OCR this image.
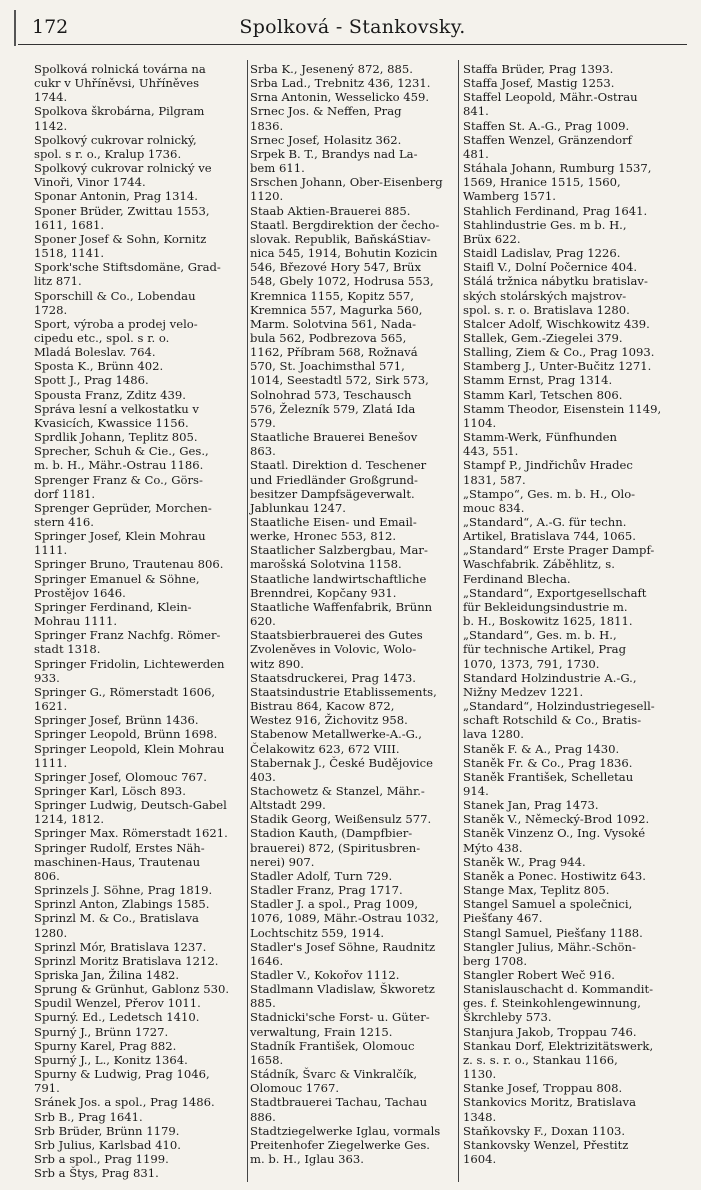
172	Spolková - Stankovsky.

Spolková rolnická továrna na

cukr v Uhříněvsi, Uhříněves

1744.

Spolkova škrobárna, Pilgram

1142.

Spolkový cukrovar rolnický,

spol. s r. o., Kralup 1736.

Spolkový cukrovar rolnický ve

Vinoři, Vinor 1744.

Sponar Antonin, Prag 1314.

Sponer Brüder, Zwittau 1553,

1611, 1681.

Sponer Josef & Sohn, Kornitz

1518, 1141.

Spork'sche Stiftsdomäne, Grad-

litz 871.

Sporschill & Co., Lobendau

1728.

Sport, výroba a prodej velo-

cipedu etc., spol. s r. o.

Mladá Boleslav. 764.

Sposta K., Brünn 402.

Spott J., Prag 1486.

Spousta Franz, Zditz 439.

Správa lesní a velkostatku v

Kvasicích, Kwassice 1156.

Sprdlik Johann, Teplitz 805.

Sprecher, Schuh & Cie., Ges.,

m. b. H., Mähr.-Ostrau 1186.

Sprenger Franz & Co., Görs-

dorf 1181.

Sprenger Geprüder, Morchen-

stern 416.

Springer Josef, Klein Mohrau

1111.

Springer Bruno, Trautenau 806.

Springer Emanuel & Söhne,

Prostějov 1646.

Springer Ferdinand, Klein-

Mohrau 1111.

Springer Franz Nachfg. Römer-

stadt 1318.

Springer Fridolin, Lichtewerden

933.

Springer G., Römerstadt 1606,

1621.

Springer Josef, Brünn 1436.

Springer Leopold, Brünn 1698.

Springer Leopold, Klein Mohrau

1111.

Springer Josef, Olomouc 767.

Springer Karl, Lösch 893.

Springer Ludwig, Deutsch-Gabel

1214, 1812.

Springer Max. Römerstadt 1621.

Springer Rudolf, Erstes Näh-

maschinen-Haus, Trautenau

806.

Sprinzels J. Söhne, Prag 1819.

Sprinzl Anton, Zlabings 1585.

Sprinzl M. & Co., Bratislava

1280.

Sprinzl Mór, Bratislava 1237.

Sprinzl Moritz Bratislava 1212.

Spriska Jan, Žilina 1482.

Sprung & Grünhut, Gablonz 530.

Spudil Wenzel, Přerov 1011.

Spurný. Ed., Ledetsch 1410.

Spurný J., Brünn 1727.

Spurny Karel, Prag 882.

Spurný J., L., Konitz 1364.

Spurny & Ludwig, Prag 1046,

791.

Sránek Jos. a spol., Prag 1486.

Srb B., Prag 1641.

Srb Brüder, Brünn 1179.

Srb Julius, Karlsbad 410.

Srb a spol., Prag 1199.

Srb a Štys, Prag 831.

Srba K., Jesenený 872, 885.

Srba Lad., Trebnitz 436, 1231.

Srna Antonin, Wesselicko 459.

Srnec Jos. & Neffen, Prag

1836.

Srnec Josef, Holasitz 362.

Srpek B. T., Brandys nad La-

bem 611.

Srschen Johann, Ober-Eisenberg

1120.

Staab Aktien-Brauerei 885.

Staatl. Bergdirektion der čecho-

slovak. Republik, BaňskáStiav-

nica 545, 1914, Bohutin Kozicin

546, Březové Hory 547, Brüx

548, Gbely 1072, Hodrusa 553,

Kremnica 1155, Kopitz 557,

Kremnica 557, Magurka 560,

Marm. Solotvina 561, Nada-

bula 562, Podbrezova 565,

1162, Příbram 568, Rožnavá

570, St. Joachimsthal 571,

1014, Seestadtl 572, Sirk 573,

Solnohrad 573, Teschausch

576, Železník 579, Zlatá Ida

579.

Staatliche Brauerei Benešov

863.

Staatl. Direktion d. Teschener

und Friedländer Großgrund-

besitzer Dampfsägeverwalt.

Jablunkau 1247.

Staatliche Eisen- und Email-

werke, Hronec 553, 812.

Staatlicher Salzbergbau, Mar-

marošská Solotvina 1158.

Staatliche landwirtschaftliche

Brenndrei, Kopčany 931.

Staatliche Waffenfabrik, Brünn

620.

Staatsbierbrauerei des Gutes

Zvoleněves in Volovic, Wolo-

witz 890.

Staatsdruckerei, Prag 1473.

Staatsindustrie Etablissements,

Bistrau 864, Kacow 872,

Westez 916, Žichovitz 958.

Stabenow Metallwerke-A.-G.,

Čelakowitz 623, 672 VIII.

Stabernak J., České Budějovice

403.

Stachowetz & Stanzel, Mähr.-

Altstadt 299.

Stadik Georg, Weißensulz 577.

Stadion Kauth, (Dampfbier-

brauerei) 872, (Spiritusbren-

nerei) 907.

Stadler Adolf, Turn 729.

Stadler Franz, Prag 1717.

Stadler J. a spol., Prag 1009,

1076, 1089, Mähr.-Ostrau 1032,

Lochtschitz 559, 1914.

Stadler's Josef Söhne, Raudnitz

1646.

Stadler V., Kokořov 1112.

Stadlmann Vladislaw, Škworetz

885.

Stadnicki'sche Forst- u. Güter-

verwaltung, Frain 1215.

Stadník František, Olomouc

1658.

Stádník, Švarc & Vinkralčík,

Olomouc 1767.

Stadtbrauerei Tachau, Tachau

886.

Stadtziegelwerke Iglau, vormals

Preitenhofer Ziegelwerke Ges.

m. b. H., Iglau 363.

Staffa Brüder, Prag 1393.

Staffa Josef, Mastig 1253.

Staffel Leopold, Mähr.-Ostrau

841.

Staffen St. A.-G., Prag 1009.

Staffen Wenzel, Gränzendorf

481.

Stáhala Johann, Rumburg 1537,

1569, Hranice 1515, 1560,

Wamberg 1571.

Stahlich Ferdinand, Prag 1641.

Stahlindustrie Ges. m b. H.,

Brüx 622.

Staidl Ladislav, Prag 1226.

Staifl V., Dolní Počernice 404.

Stálá tržnica nábytku bratislav-

ských stolárských majstrov-

spol. s. r. o. Bratislava 1280.

Stalcer Adolf, Wischkowitz 439.

Stallek, Gem.-Ziegelei 379.

Stalling, Ziem & Co., Prag 1093.

Stamberg J., Unter-Bučitz 1271.

Stamm Ernst, Prag 1314.

Stamm Karl, Tetschen 806.

Stamm Theodor, Eisenstein 1149,

1104.

Stamm-Werk, Fünfhunden

443, 551.

Stampf P., Jindřichův Hradec

1831, 587.

„Stampo“, Ges. m. b. H., Olo-

mouc 834.

„Standard“, A.-G. für techn.

Artikel, Bratislava 744, 1065.

„Standard“ Erste Prager Dampf-

Waschfabrik. Záběhlitz, s.

Ferdinand Blecha.

„Standard“, Exportgesellschaft

für Bekleidungsindustrie m.

b. H., Boskowitz 1625, 1811.

„Standard“, Ges. m. b. H.,

für technische Artikel, Prag

1070, 1373, 791, 1730.

Standard Holzindustrie A.-G.,

Nižny Medzev 1221.

„Standard“, Holzindustriegesell-

schaft Rotschild & Co., Bratis-

lava 1280.

Staněk F. & A., Prag 1430.

Staněk Fr. & Co., Prag 1836.

Staněk František, Schelletau

914.

Stanek Jan, Prag 1473.

Staněk V., Německý-Brod 1092.

Staněk Vinzenz O., Ing. Vysoké

Mýto 438.

Staněk W., Prag 944.

Staněk a Ponec. Hostiwitz 643.

Stange Max, Teplitz 805.

Stangel Samuel a společnici,

Piešťany 467.

Stangl Samuel, Piešťany 1188.

Stangler Julius, Mähr.-Schön-

berg 1708.

Stangler Robert Weč 916.

Stanislauschacht d. Kommandit-

ges. f. Steinkohlengewinnung,

Škrchleby 573.

Stanjura Jakob, Troppau 746.

Stankau Dorf, Elektrizitätswerk,

z. s. s. r. o., Stankau 1166,

1130.

Stanke Josef, Troppau 808.

Stankovics Moritz, Bratislava

1348.

Staňkovsky F., Doxan 1103.

Stankovsky Wenzel, Přestitz

1604.
